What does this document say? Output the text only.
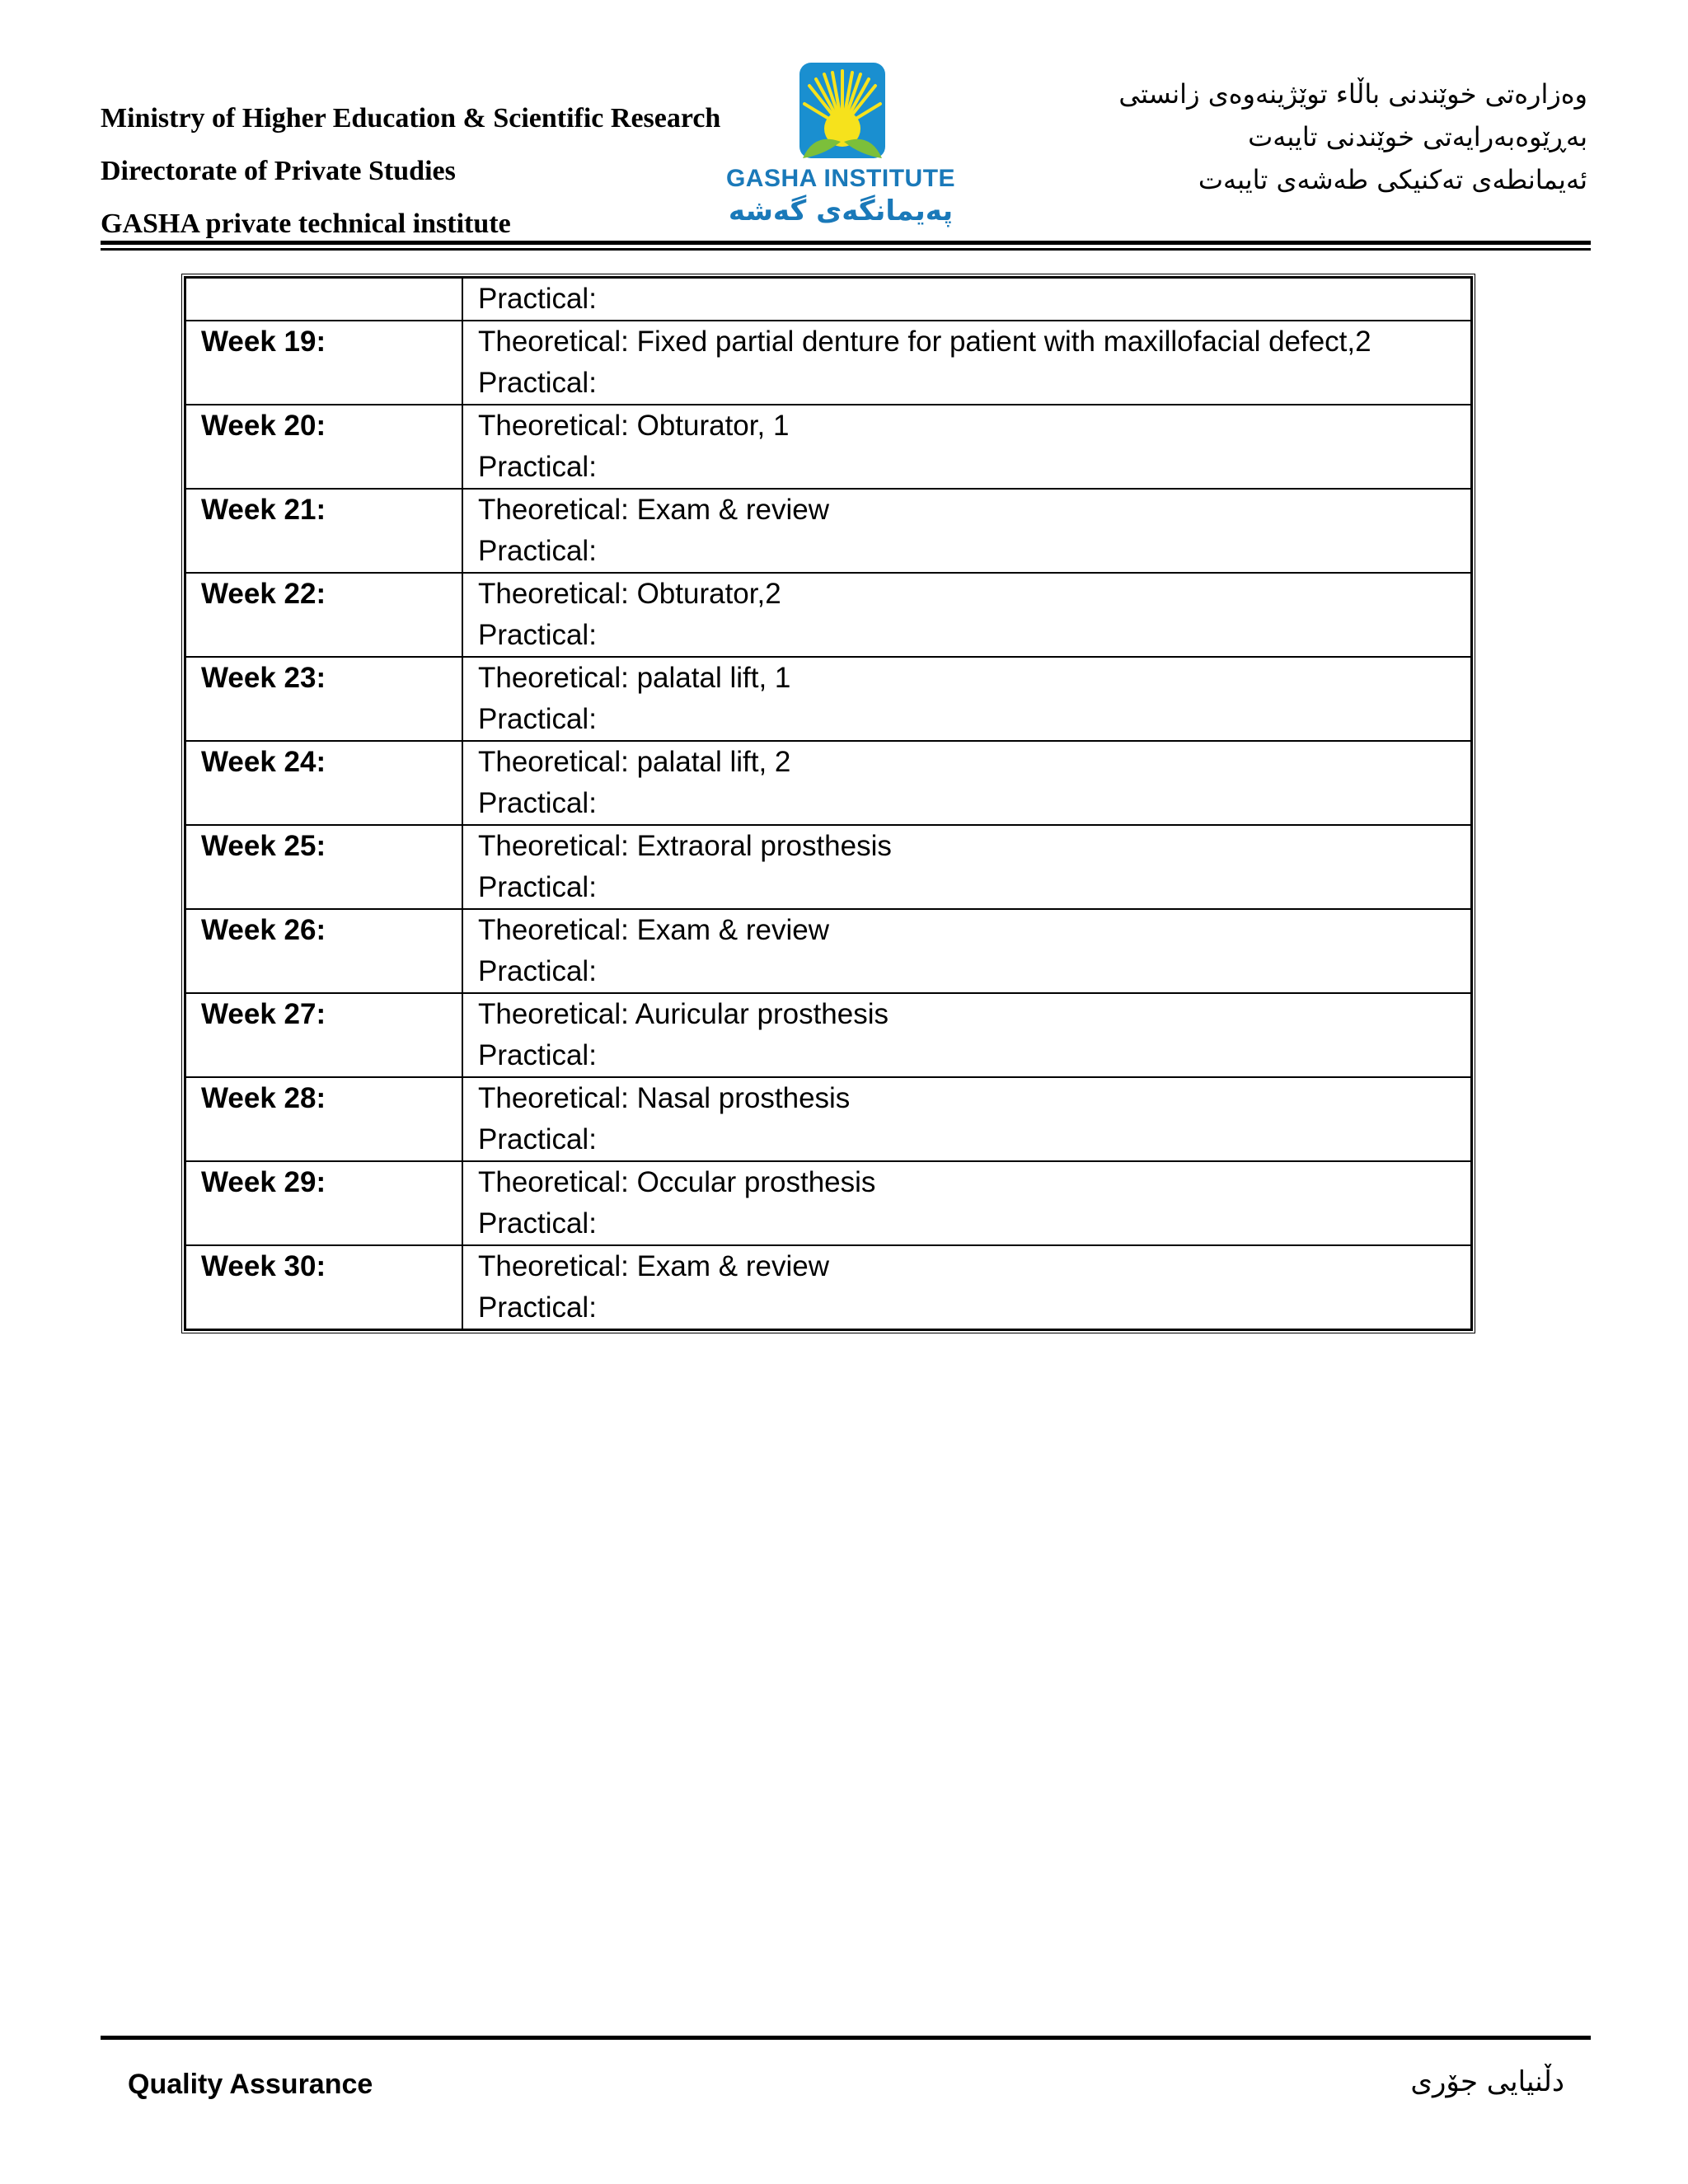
Ministry of Higher Education & Scientific Research
Directorate of Private Studies
GASHA private technical institute
GASHA INSTITUTE
پەیمانگەی گەشە
وەزارەتی خوێندنی باڵاء توێژینەوەی زانستی
بەڕێوەبەرایەتی خوێندنی تایبەت
ئەیمانطەی تەکنیکی طەشەی تایبەت

	Practical:

Week 19:	Theoretical: Fixed partial denture for patient with maxillofacial defect,2
Practical:

Week 20:	Theoretical: Obturator, 1
Practical:

Week 21:	Theoretical: Exam & review
Practical:

Week 22:	Theoretical: Obturator,2
Practical:

Week 23:	Theoretical: palatal lift, 1
Practical:

Week 24:	Theoretical: palatal lift, 2
Practical:

Week 25:	Theoretical: Extraoral prosthesis
Practical:

Week 26:	Theoretical: Exam & review
Practical:

Week 27:	Theoretical: Auricular prosthesis
Practical:

Week 28:	Theoretical: Nasal prosthesis
Practical:

Week 29:	Theoretical: Occular prosthesis
Practical:

Week 30:	Theoretical: Exam & review
Practical:
Quality Assurance	دڵنیایی جۆری
